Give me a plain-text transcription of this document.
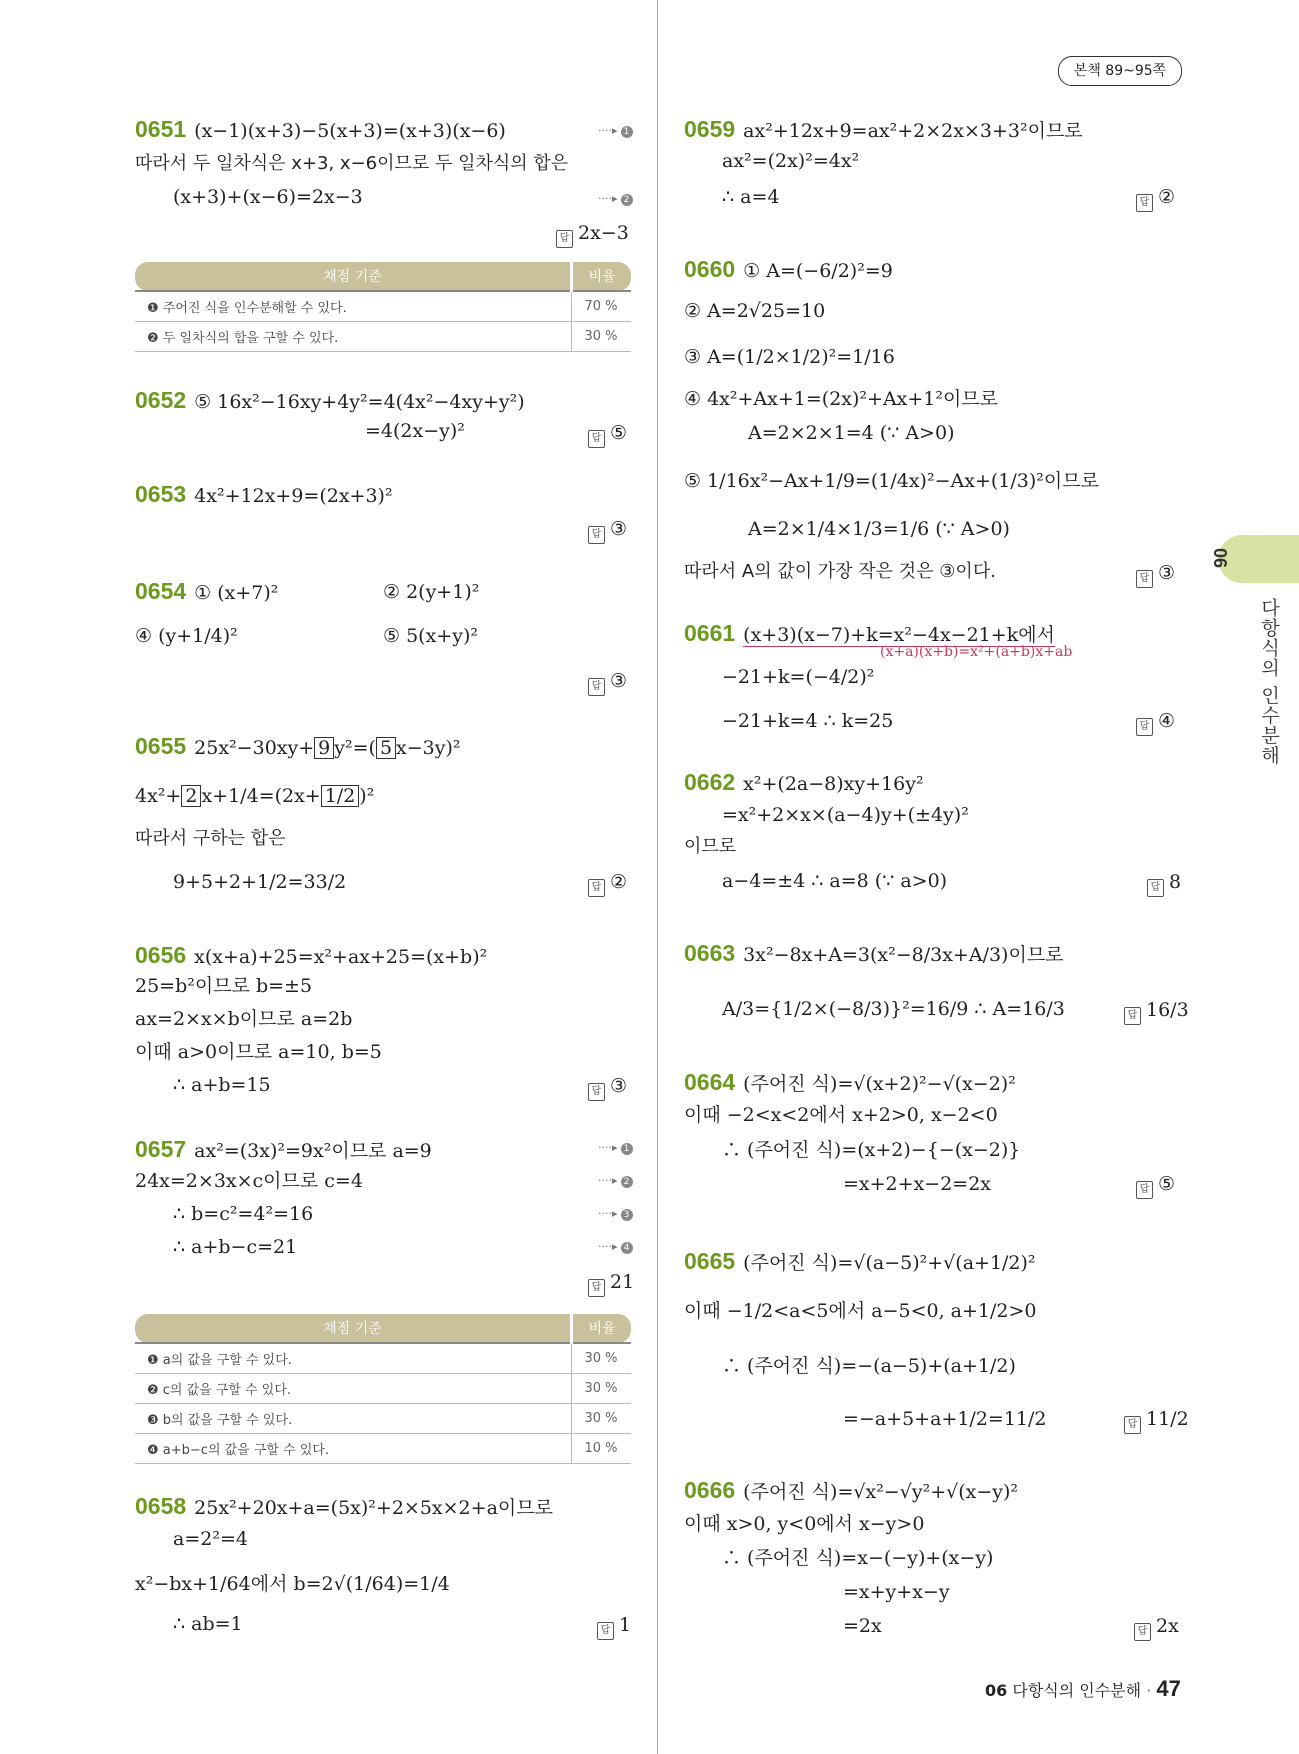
본책 89~95쪽
0651 (x−1)(x+3)−5(x+3)=(x+3)(x−6)	····▸ 1
따라서 두 일차식은 x+3, x−6이므로 두 일차식의 합은
(x+3)+(x−6)=2x−3	····▸ 2
답 2x−3
채점 기준	비율
❶ 주어진 식을 인수분해할 수 있다.	70 %
❷ 두 일차식의 합을 구할 수 있다.	30 %
0652 ⑤ 16x²−16xy+4y²=4(4x²−4xy+y²)
=4(2x−y)²	답 ⑤
0653 4x²+12x+9=(2x+3)²
답 ③
0654 ① (x+7)²	② 2(y+1)²
④ (y+1/4)²	⑤ 5(x+y)²
답 ③
0655 25x²−30xy+ 9 y²=( 5 x−3y)²
4x²+ 2 x+1/4=(2x+ 1/2 )²
따라서 구하는 합은
9+5+2+1/2=33/2	답 ②
0656 x(x+a)+25=x²+ax+25=(x+b)²
25=b²이므로 b=±5
ax=2×x×b이므로 a=2b
이때 a>0이므로 a=10, b=5
∴ a+b=15	답 ③
0657 ax²=(3x)²=9x²이므로 a=9	····▸ 1
24x=2×3x×c이므로 c=4	····▸ 2
∴ b=c²=4²=16	····▸ 3
∴ a+b−c=21	····▸ 4
답 21
채점 기준	비율
❶ a의 값을 구할 수 있다.	30 %
❷ c의 값을 구할 수 있다.	30 %
❸ b의 값을 구할 수 있다.	30 %
❹ a+b−c의 값을 구할 수 있다.	10 %
0658 25x²+20x+a=(5x)²+2×5x×2+a이므로
a=2²=4
x²−bx+1/64에서 b=2√(1/64)=1/4
∴ ab=1	답 1
0659 ax²+12x+9=ax²+2×2x×3+3²이므로
ax²=(2x)²=4x²
∴ a=4	답 ②
0660 ① A=(−6/2)²=9
② A=2√25=10
③ A=(1/2×1/2)²=1/16
④ 4x²+Ax+1=(2x)²+Ax+1²이므로
A=2×2×1=4 (∵ A>0)
⑤ 1/16x²−Ax+1/9=(1/4x)²−Ax+(1/3)²이므로
A=2×1/4×1/3=1/6 (∵ A>0)
따라서 A의 값이 가장 작은 것은 ③이다.	답 ③
0661 (x+3)(x−7)+k=x²−4x−21+k에서
(x+a)(x+b)=x²+(a+b)x+ab
−21+k=(−4/2)²
−21+k=4 ∴ k=25	답 ④
0662 x²+(2a−8)xy+16y²
=x²+2×x×(a−4)y+(±4y)²
이므로
a−4=±4 ∴ a=8 (∵ a>0)	답 8
0663 3x²−8x+A=3(x²−8/3x+A/3)이므로
A/3={1/2×(−8/3)}²=16/9 ∴ A=16/3	답 16/3
0664 (주어진 식)=√(x+2)²−√(x−2)²
이때 −2<x<2에서 x+2>0, x−2<0
∴ (주어진 식)=(x+2)−{−(x−2)}
=x+2+x−2=2x	답 ⑤
0665 (주어진 식)=√(a−5)²+√(a+1/2)²
이때 −1/2<a<5에서 a−5<0, a+1/2>0
∴ (주어진 식)=−(a−5)+(a+1/2)
=−a+5+a+1/2=11/2	답 11/2
0666 (주어진 식)=√x²−√y²+√(x−y)²
이때 x>0, y<0에서 x−y>0
∴ (주어진 식)=x−(−y)+(x−y)
=x+y+x−y
=2x	답 2x
06
다항식의 인수분해
06 다항식의 인수분해 · 47
